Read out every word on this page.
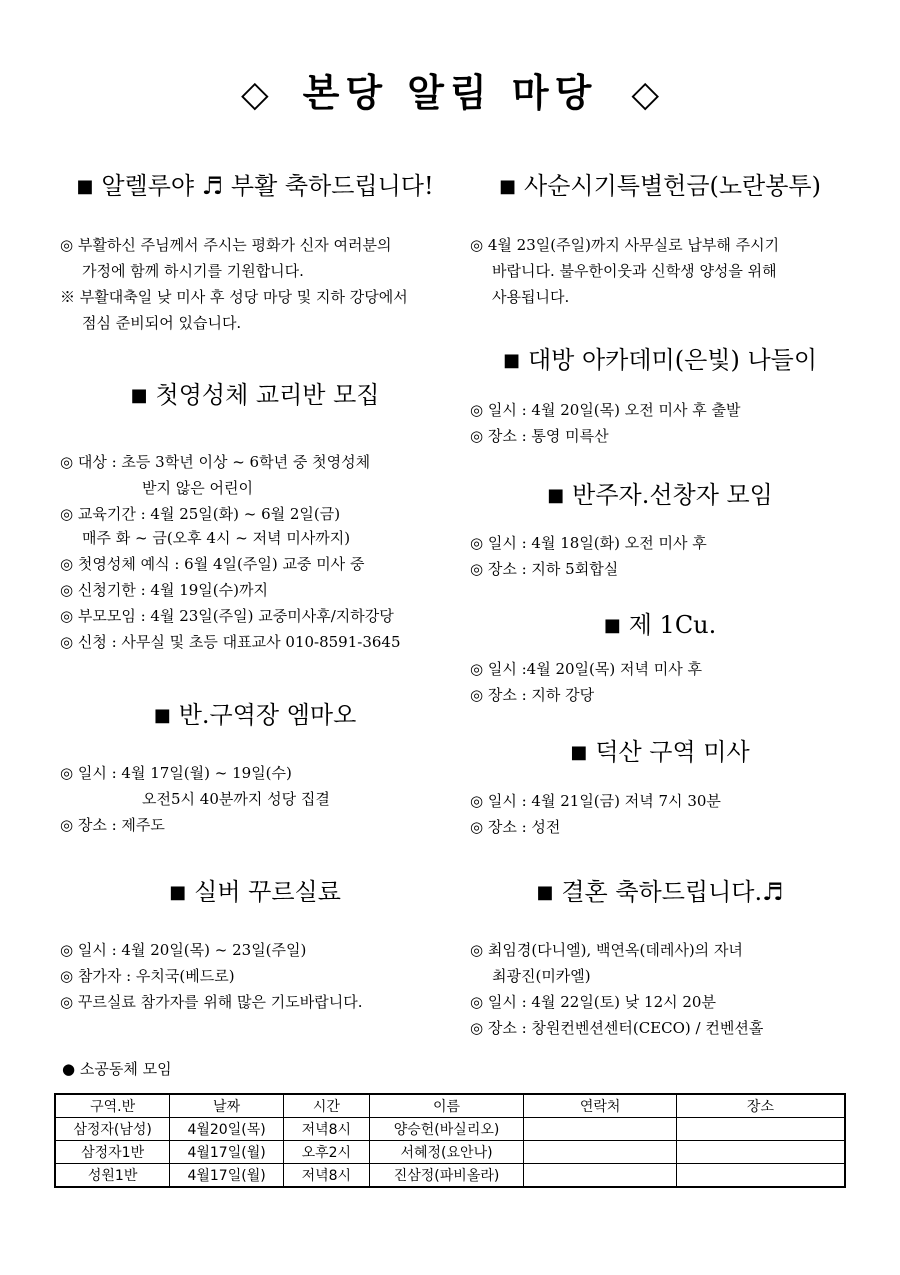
◇ 본당 알림 마당 ◇
■ 알렐루야 ♬ 부활 축하드립니다!
◎ 부활하신 주님께서 주시는 평화가 신자 여러분의
가정에 함께 하시기를 기원합니다.
※ 부활대축일 낮 미사 후 성당 마당 및 지하 강당에서
점심 준비되어 있습니다.
■ 첫영성체 교리반 모집
◎ 대상 : 초등 3학년 이상 ~ 6학년 중 첫영성체
받지 않은 어린이
◎ 교육기간 : 4월 25일(화) ~ 6월 2일(금)
매주 화 ~ 금(오후 4시 ~ 저녁 미사까지)
◎ 첫영성체 예식 : 6월 4일(주일) 교중 미사 중
◎ 신청기한 : 4월 19일(수)까지
◎ 부모모임 : 4월 23일(주일) 교중미사후/지하강당
◎ 신청 : 사무실 및 초등 대표교사 010-8591-3645
■ 반.구역장 엠마오
◎ 일시 : 4월 17일(월) ~ 19일(수)
오전5시 40분까지 성당 집결
◎ 장소 : 제주도
■ 실버 꾸르실료
◎ 일시 : 4월 20일(목) ~ 23일(주일)
◎ 참가자 : 우치국(베드로)
◎ 꾸르실료 참가자를 위해 많은 기도바랍니다.
■ 사순시기특별헌금(노란봉투)
◎ 4월 23일(주일)까지 사무실로 납부해 주시기
바랍니다. 불우한이웃과 신학생 양성을 위해
사용됩니다.
■ 대방 아카데미(은빛) 나들이
◎ 일시 : 4월 20일(목) 오전 미사 후 출발
◎ 장소 : 통영 미륵산
■ 반주자.선창자 모임
◎ 일시 : 4월 18일(화) 오전 미사 후
◎ 장소 : 지하 5회합실
■ 제 1Cu.
◎ 일시 :4월 20일(목) 저녁 미사 후
◎ 장소 : 지하 강당
■ 덕산 구역 미사
◎ 일시 : 4월 21일(금) 저녁 7시 30분
◎ 장소 : 성전
■ 결혼 축하드립니다.♬
◎ 최임경(다니엘), 백연옥(데레사)의 자녀
최광진(미카엘)
◎ 일시 : 4월 22일(토) 낮 12시 20분
◎ 장소 : 창원컨벤션센터(CECO) / 컨벤션홀
● 소공동체 모임
구역.반	날짜	시간	이름	연락처	장소
삼정자(남성)	4월20일(목)	저녁8시	양승헌(바실리오)		
삼정자1반	4월17일(월)	오후2시	서혜정(요안나)		
성원1반	4월17일(월)	저녁8시	진삼정(파비올라)		
